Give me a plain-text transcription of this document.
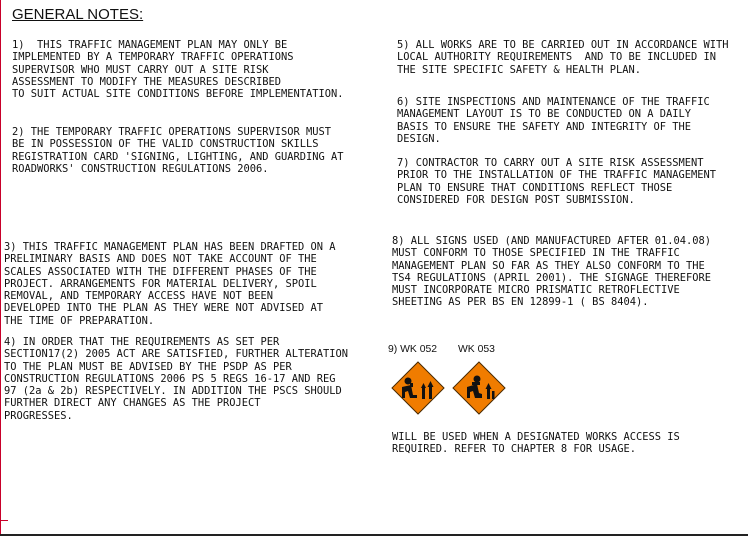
GENERAL NOTES:
1)  THIS TRAFFIC MANAGEMENT PLAN MAY ONLY BE
IMPLEMENTED BY A TEMPORARY TRAFFIC OPERATIONS
SUPERVISOR WHO MUST CARRY OUT A SITE RISK
ASSESSMENT TO MODIFY THE MEASURES DESCRIBED
TO SUIT ACTUAL SITE CONDITIONS BEFORE IMPLEMENTATION.
2) THE TEMPORARY TRAFFIC OPERATIONS SUPERVISOR MUST
BE IN POSSESSION OF THE VALID CONSTRUCTION SKILLS
REGISTRATION CARD 'SIGNING, LIGHTING, AND GUARDING AT
ROADWORKS' CONSTRUCTION REGULATIONS 2006.
3) THIS TRAFFIC MANAGEMENT PLAN HAS BEEN DRAFTED ON A
PRELIMINARY BASIS AND DOES NOT TAKE ACCOUNT OF THE
SCALES ASSOCIATED WITH THE DIFFERENT PHASES OF THE
PROJECT. ARRANGEMENTS FOR MATERIAL DELIVERY, SPOIL
REMOVAL, AND TEMPORARY ACCESS HAVE NOT BEEN
DEVELOPED INTO THE PLAN AS THEY WERE NOT ADVISED AT
THE TIME OF PREPARATION.
4) IN ORDER THAT THE REQUIREMENTS AS SET PER
SECTION17(2) 2005 ACT ARE SATISFIED, FURTHER ALTERATION
TO THE PLAN MUST BE ADVISED BY THE PSDP AS PER
CONSTRUCTION REGULATIONS 2006 PS 5 REGS 16-17 AND REG
97 (2a & 2b) RESPECTIVELY. IN ADDITION THE PSCS SHOULD
FURTHER DIRECT ANY CHANGES AS THE PROJECT
PROGRESSES.
5) ALL WORKS ARE TO BE CARRIED OUT IN ACCORDANCE WITH
LOCAL AUTHORITY REQUIREMENTS  AND TO BE INCLUDED IN
THE SITE SPECIFIC SAFETY & HEALTH PLAN.
6) SITE INSPECTIONS AND MAINTENANCE OF THE TRAFFIC
MANAGEMENT LAYOUT IS TO BE CONDUCTED ON A DAILY
BASIS TO ENSURE THE SAFETY AND INTEGRITY OF THE
DESIGN.
7) CONTRACTOR TO CARRY OUT A SITE RISK ASSESSMENT
PRIOR TO THE INSTALLATION OF THE TRAFFIC MANAGEMENT
PLAN TO ENSURE THAT CONDITIONS REFLECT THOSE
CONSIDERED FOR DESIGN POST SUBMISSION.
8) ALL SIGNS USED (AND MANUFACTURED AFTER 01.04.08)
MUST CONFORM TO THOSE SPECIFIED IN THE TRAFFIC
MANAGEMENT PLAN SO FAR AS THEY ALSO CONFORM TO THE
TS4 REGULATIONS (APRIL 2001). THE SIGNAGE THEREFORE
MUST INCORPORATE MICRO PRISMATIC RETROFLECTIVE
SHEETING AS PER BS EN 12899-1 ( BS 8404).
9) WK 052 WK 053
WILL BE USED WHEN A DESIGNATED WORKS ACCESS IS
REQUIRED. REFER TO CHAPTER 8 FOR USAGE.
